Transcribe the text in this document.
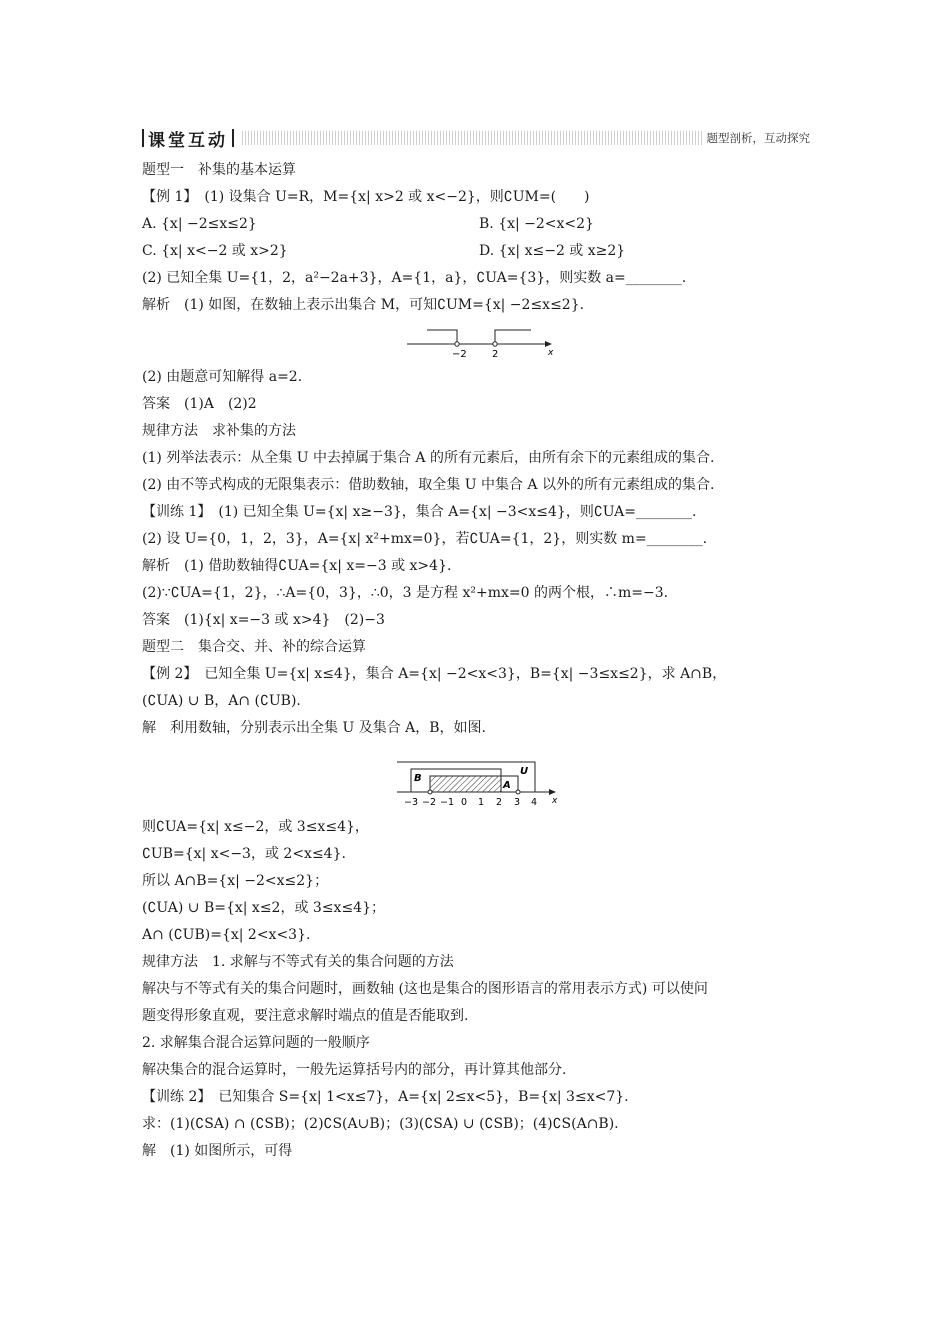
课堂互动	题型剖析，互动探究
题型一　补集的基本运算
【例 1】　(1) 设集合 U=R，M={x| x>2 或 x<−2}，则∁UM=(　　)
A. {x| −2≤x≤2}	B. {x| −2<x<2}
C. {x| x<−2 或 x>2}	D. {x| x≤−2 或 x≥2}
(2) 已知全集 U={1，2，a²−2a+3}，A={1，a}，∁UA={3}，则实数 a=________.
解析　(1) 如图，在数轴上表示出集合 M，可知∁UM={x| −2≤x≤2}.
−2	2	x
(2) 由题意可知解得 a=2.
答案　(1)A　(2)2
规律方法　求补集的方法
(1) 列举法表示：从全集 U 中去掉属于集合 A 的所有元素后，由所有余下的元素组成的集合.
(2) 由不等式构成的无限集表示：借助数轴，取全集 U 中集合 A 以外的所有元素组成的集合.
【训练 1】　(1) 已知全集 U={x| x≥−3}，集合 A={x| −3<x≤4}，则∁UA=________.
(2) 设 U={0，1，2，3}，A={x| x²+mx=0}，若∁UA={1，2}，则实数 m=________.
解析　(1) 借助数轴得∁UA={x| x=−3 或 x>4}.
(2)∵∁UA={1，2}，∴A={0，3}，∴0，3 是方程 x²+mx=0 的两个根，∴m=−3.
答案　(1){x| x=−3 或 x>4}　(2)−3
题型二　集合交、并、补的综合运算
【例 2】　已知全集 U={x| x≤4}，集合 A={x| −2<x<3}，B={x| −3≤x≤2}，求 A∩B，
(∁UA) ∪ B，A∩ (∁UB).
解　利用数轴，分别表示出全集 U 及集合 A，B，如图.
B
A
U
−3 −2 −1 0 1 2 3 4 x
则∁UA={x| x≤−2，或 3≤x≤4}，
∁UB={x| x<−3，或 2<x≤4}.
所以 A∩B={x| −2<x≤2}；
(∁UA) ∪ B={x| x≤2，或 3≤x≤4}；
A∩ (∁UB)={x| 2<x<3}.
规律方法　1. 求解与不等式有关的集合问题的方法
解决与不等式有关的集合问题时，画数轴 (这也是集合的图形语言的常用表示方式) 可以使问
题变得形象直观，要注意求解时端点的值是否能取到.
2. 求解集合混合运算问题的一般顺序
解决集合的混合运算时，一般先运算括号内的部分，再计算其他部分.
【训练 2】　已知集合 S={x| 1<x≤7}，A={x| 2≤x<5}，B={x| 3≤x<7}.
求：(1)(∁SA) ∩ (∁SB)；(2)∁S(A∪B)；(3)(∁SA) ∪ (∁SB)；(4)∁S(A∩B).
解　(1) 如图所示，可得
